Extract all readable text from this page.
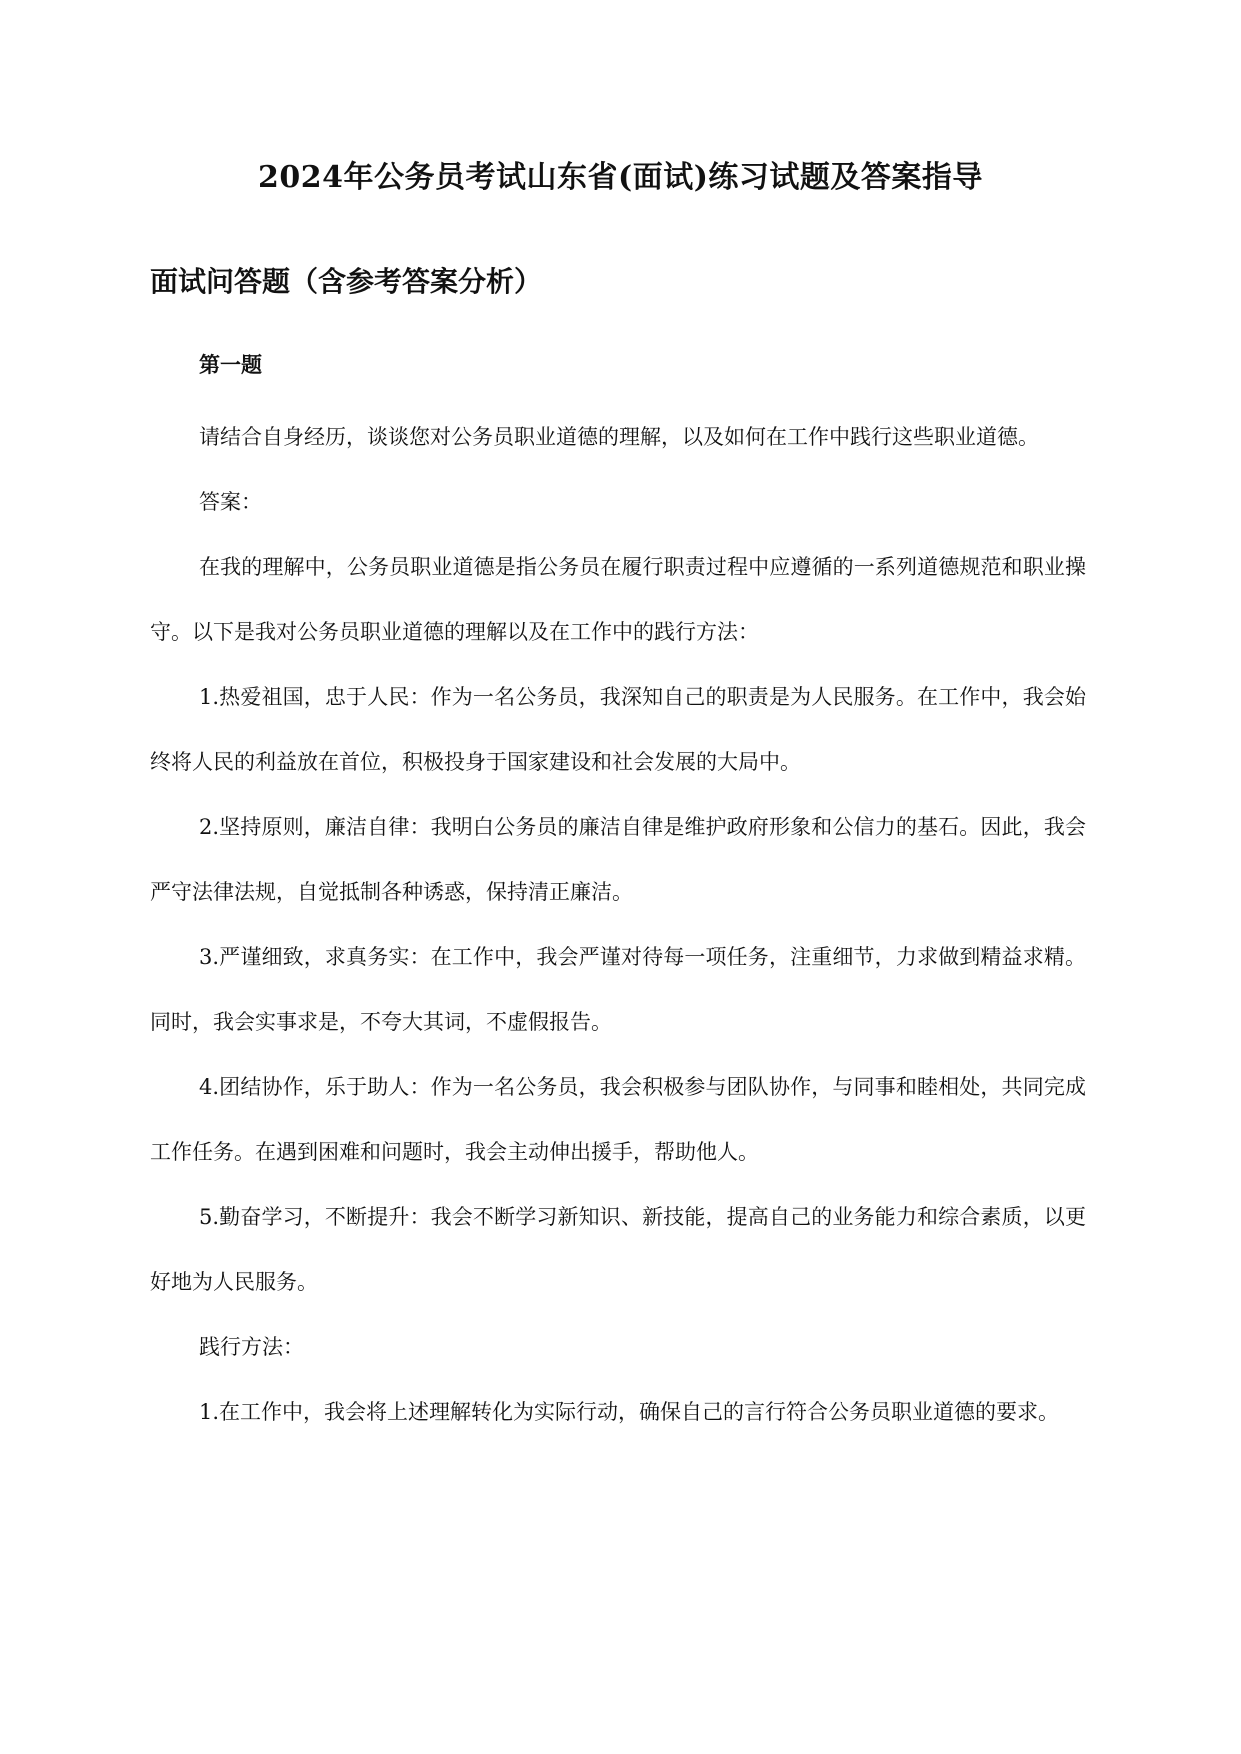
2024年公务员考试山东省(面试)练习试题及答案指导
面试问答题（含参考答案分析）

第一题

请结合自身经历，谈谈您对公务员职业道德的理解，以及如何在工作中践行这些职业道德。

答案：

在我的理解中，公务员职业道德是指公务员在履行职责过程中应遵循的一系列道德规范和职业操守。以下是我对公务员职业道德的理解以及在工作中的践行方法：

1.热爱祖国，忠于人民：作为一名公务员，我深知自己的职责是为人民服务。在工作中，我会始终将人民的利益放在首位，积极投身于国家建设和社会发展的大局中。

2.坚持原则，廉洁自律：我明白公务员的廉洁自律是维护政府形象和公信力的基石。因此，我会严守法律法规，自觉抵制各种诱惑，保持清正廉洁。

3.严谨细致，求真务实：在工作中，我会严谨对待每一项任务，注重细节，力求做到精益求精。同时，我会实事求是，不夸大其词，不虚假报告。

4.团结协作，乐于助人：作为一名公务员，我会积极参与团队协作，与同事和睦相处，共同完成工作任务。在遇到困难和问题时，我会主动伸出援手，帮助他人。

5.勤奋学习，不断提升：我会不断学习新知识、新技能，提高自己的业务能力和综合素质，以更好地为人民服务。

践行方法：

1.在工作中，我会将上述理解转化为实际行动，确保自己的言行符合公务员职业道德的要求。
